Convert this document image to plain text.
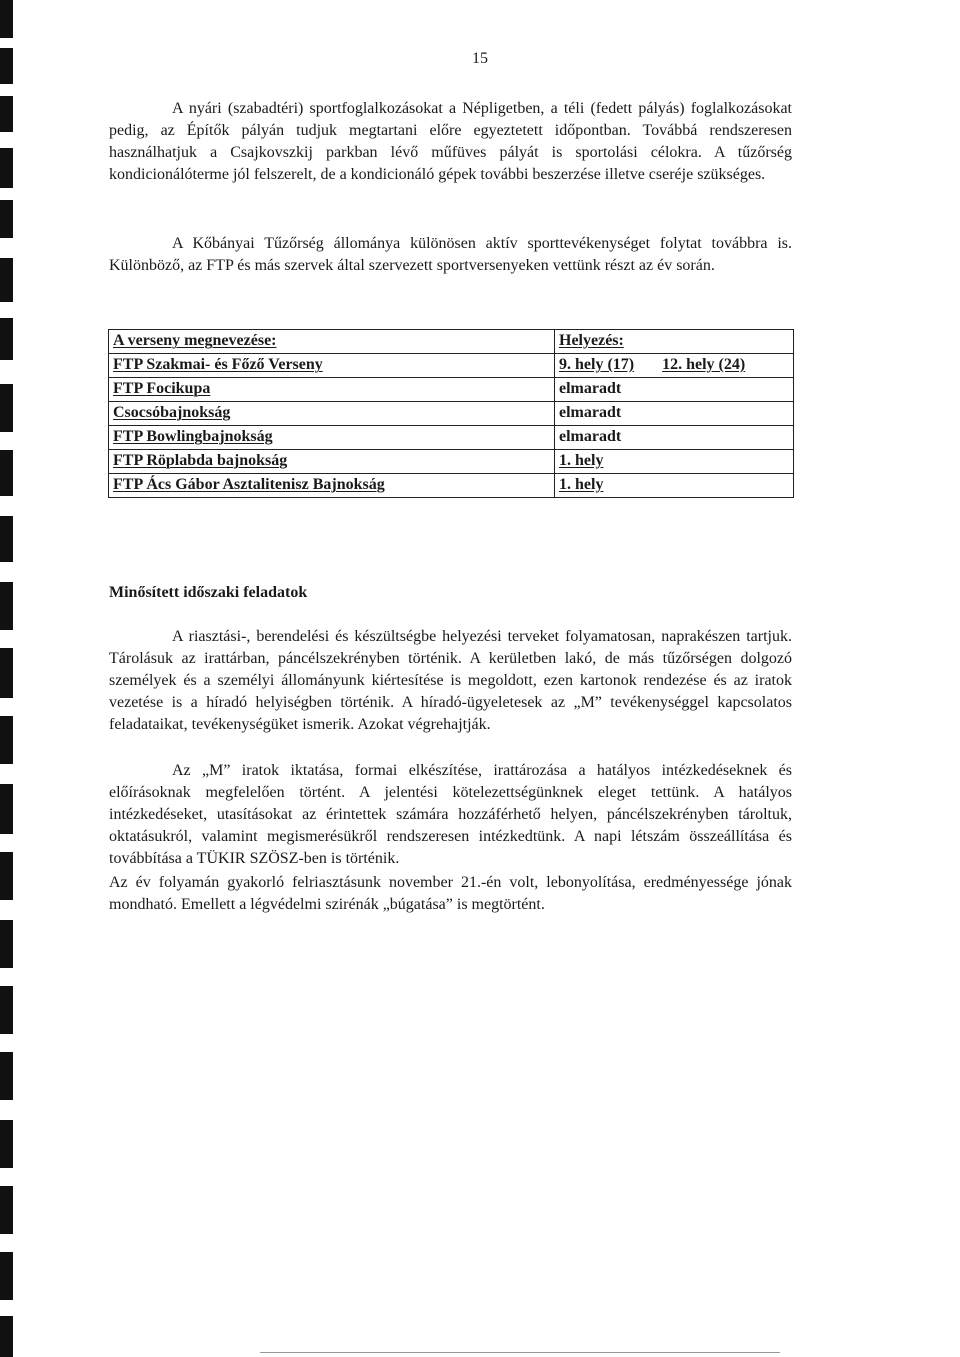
15

A nyári (szabadtéri) sportfoglalkozásokat a Népligetben, a téli (fedett pályás) foglalkozásokat pedig, az Építők pályán tudjuk megtartani előre egyeztetett időpontban. Továbbá rendszeresen használhatjuk a Csajkovszkij parkban lévő műfüves pályát is sportolási célokra. A tűzőrség kondicionálóterme jól felszerelt, de a kondicionáló gépek további beszerzése illetve cseréje szükséges.

A Kőbányai Tűzőrség állománya különösen aktív sporttevékenységet folytat továbbra is. Különböző, az FTP és más szervek által szervezett sportversenyeken vettünk részt az év során.

A verseny megnevezése:	Helyezés:
FTP Szakmai- és Főző Verseny	9. hely (17) 12. hely (24)
FTP Focikupa	elmaradt
Csocsóbajnokság	elmaradt
FTP Bowlingbajnokság	elmaradt
FTP Röplabda bajnokság	1. hely
FTP Ács Gábor Asztalitenisz Bajnokság	1. hely
Minősített időszaki feladatok

A riasztási-, berendelési és készültségbe helyezési terveket folyamatosan, naprakészen tartjuk. Tárolásuk az irattárban, páncélszekrényben történik. A kerületben lakó, de más tűzőrségen dolgozó személyek és a személyi állományunk kiértesítése is megoldott, ezen kartonok rendezése és az iratok vezetése is a híradó helyiségben történik. A híradó-ügyeletesek az „M” tevékenységgel kapcsolatos feladataikat, tevékenységüket ismerik. Azokat végrehajtják.

Az „M” iratok iktatása, formai elkészítése, irattározása a hatályos intézkedéseknek és előírásoknak megfelelően történt. A jelentési kötelezettségünknek eleget tettünk. A hatályos intézkedéseket, utasításokat az érintettek számára hozzáférhető helyen, páncélszekrényben tároltuk, oktatásukról, valamint megismerésükről rendszeresen intézkedtünk. A napi létszám összeállítása és továbbítása a TÜKIR SZÖSZ-ben is történik.

Az év folyamán gyakorló felriasztásunk november 21.-én volt, lebonyolítása, eredményessége jónak mondható. Emellett a légvédelmi szirénák „búgatása” is megtörtént.
